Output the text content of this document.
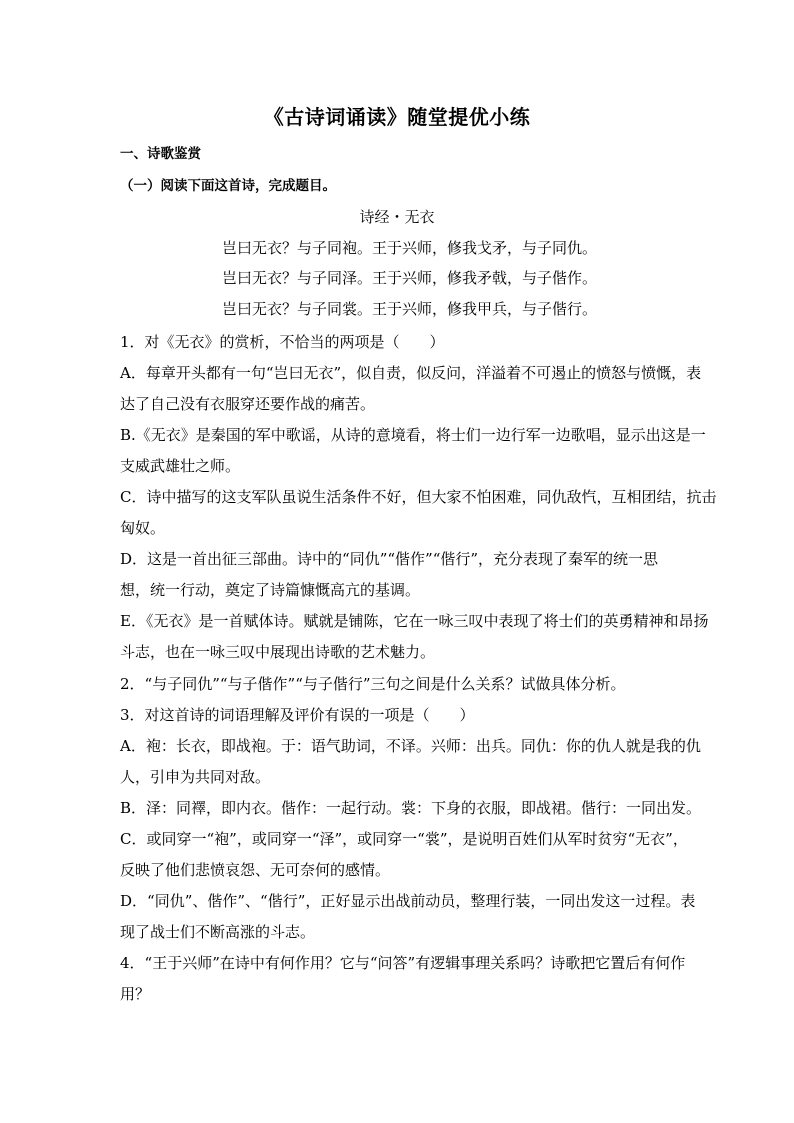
《古诗词诵读》随堂提优小练
一、诗歌鉴赏
（一）阅读下面这首诗，完成题目。
诗经・无衣
岂曰无衣？与子同袍。王于兴师，修我戈矛，与子同仇。
岂曰无衣？与子同泽。王于兴师，修我矛戟，与子偕作。
岂曰无衣？与子同裳。王于兴师，修我甲兵，与子偕行。
1．对《无衣》的赏析，不恰当的两项是（　　）
A．每章开头都有一句“岂曰无衣”，似自责，似反问，洋溢着不可遏止的愤怒与愤慨，表
达了自己没有衣服穿还要作战的痛苦。
B.《无衣》是秦国的军中歌谣，从诗的意境看，将士们一边行军一边歌唱，显示出这是一
支威武雄壮之师。
C．诗中描写的这支军队虽说生活条件不好，但大家不怕困难，同仇敌忾，互相团结，抗击
匈奴。
D．这是一首出征三部曲。诗中的“同仇”“偕作”“偕行”，充分表现了秦军的统一思
想，统一行动，奠定了诗篇慷慨高亢的基调。
E．《无衣》是一首赋体诗。赋就是铺陈，它在一咏三叹中表现了将士们的英勇精神和昂扬
斗志，也在一咏三叹中展现出诗歌的艺术魅力。
2．“与子同仇”“与子偕作”“与子偕行”三句之间是什么关系？试做具体分析。
3．对这首诗的词语理解及评价有误的一项是（　　）
A．袍：长衣，即战袍。于：语气助词，不译。兴师：出兵。同仇：你的仇人就是我的仇
人，引申为共同对敌。
B．泽：同襗，即内衣。偕作：一起行动。裳：下身的衣服，即战裙。偕行：一同出发。
C．或同穿一“袍”，或同穿一“泽”，或同穿一“裳”，是说明百姓们从军时贫穷“无衣”，
反映了他们悲愤哀怨、无可奈何的感情。
D．“同仇”、偕作”、“偕行”，正好显示出战前动员，整理行装，一同出发这一过程。表
现了战士们不断高涨的斗志。
4．“王于兴师”在诗中有何作用？它与“问答”有逻辑事理关系吗？诗歌把它置后有何作
用？
